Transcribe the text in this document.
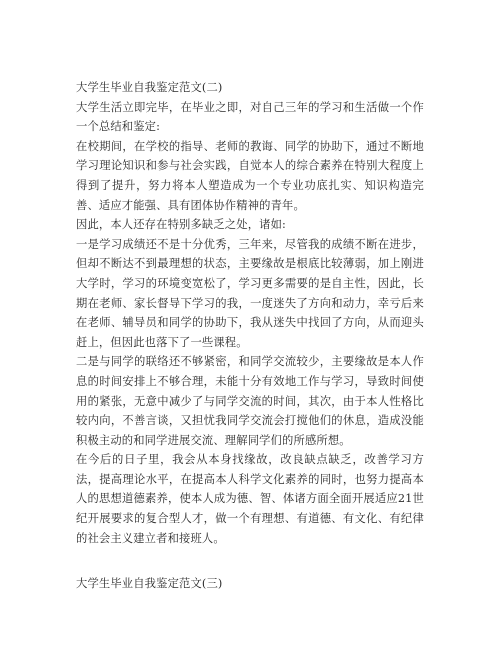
大学生毕业自我鉴定范文(二)

大学生活立即完毕，在毕业之即，对自己三年的学习和生活做一个作一个总结和鉴定:

在校期间，在学校的指导、老师的教诲、同学的协助下，通过不断地学习理论知识和参与社会实践，自觉本人的综合素养在特别大程度上得到了提升，努力将本人塑造成为一个专业功底扎实、知识构造完善、适应才能强、具有团体协作精神的青年。

因此，本人还存在特别多缺乏之处，诸如:

一是学习成绩还不是十分优秀，三年来，尽管我的成绩不断在进步，但却不断达不到最理想的状态，主要缘故是根底比较薄弱，加上刚进大学时，学习的环境变宽松了，学习更多需要的是自主性，因此，长期在老师、家长督导下学习的我，一度迷失了方向和动力，幸亏后来在老师、辅导员和同学的协助下，我从迷失中找回了方向，从而迎头赶上，但因此也落下了一些课程。

二是与同学的联络还不够紧密，和同学交流较少，主要缘故是本人作息的时间安排上不够合理，未能十分有效地工作与学习，导致时间使用的紧张，无意中减少了与同学交流的时间，其次，由于本人性格比较内向，不善言谈，又担忧我同学交流会打搅他们的休息，造成没能积极主动的和同学进展交流、理解同学们的所感所想。

在今后的日子里，我会从本身找缘故，改良缺点缺乏，改善学习方法，提高理论水平，在提高本人科学文化素养的同时，也努力提高本人的思想道德素养，使本人成为德、智、体诸方面全面开展适应21世纪开展要求的复合型人才，做一个有理想、有道德、有文化、有纪律的社会主义建立者和接班人。

大学生毕业自我鉴定范文(三)
